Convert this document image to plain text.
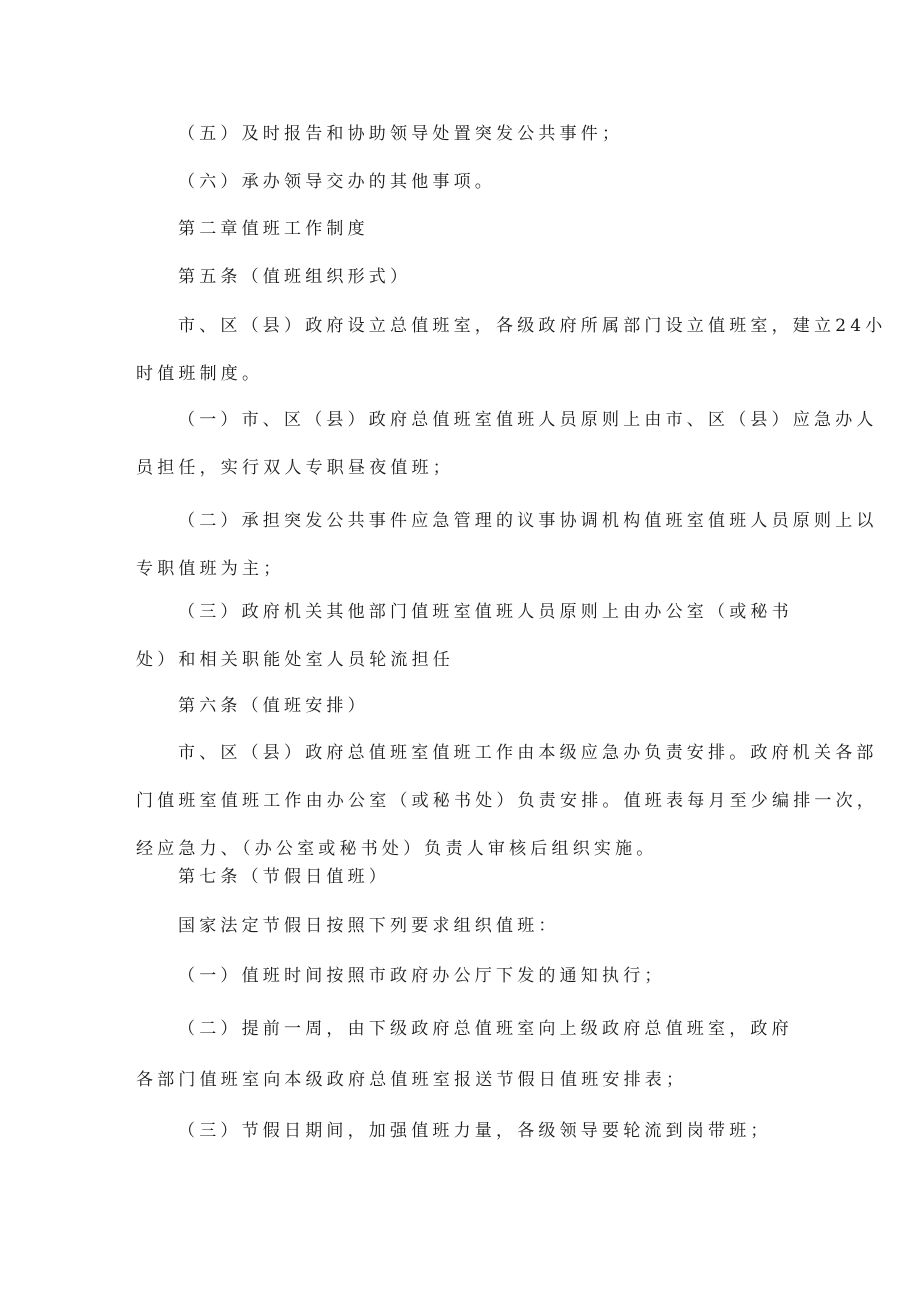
（五）及时报告和协助领导处置突发公共事件；
（六）承办领导交办的其他事项。
第二章值班工作制度
第五条（值班组织形式）
市、区（县）政府设立总值班室，各级政府所属部门设立值班室，建立24小
时值班制度。
（一）市、区（县）政府总值班室值班人员原则上由市、区（县）应急办人
员担任，实行双人专职昼夜值班；
（二）承担突发公共事件应急管理的议事协调机构值班室值班人员原则上以
专职值班为主；
（三）政府机关其他部门值班室值班人员原则上由办公室（或秘书
处）和相关职能处室人员轮流担任
第六条（值班安排）
市、区（县）政府总值班室值班工作由本级应急办负责安排。政府机关各部
门值班室值班工作由办公室（或秘书处）负责安排。值班表每月至少编排一次，
经应急力、（办公室或秘书处）负责人审核后组织实施。
第七条（节假日值班）
国家法定节假日按照下列要求组织值班：
（一）值班时间按照市政府办公厅下发的通知执行；
（二）提前一周，由下级政府总值班室向上级政府总值班室，政府
各部门值班室向本级政府总值班室报送节假日值班安排表；
（三）节假日期间，加强值班力量，各级领导要轮流到岗带班；
